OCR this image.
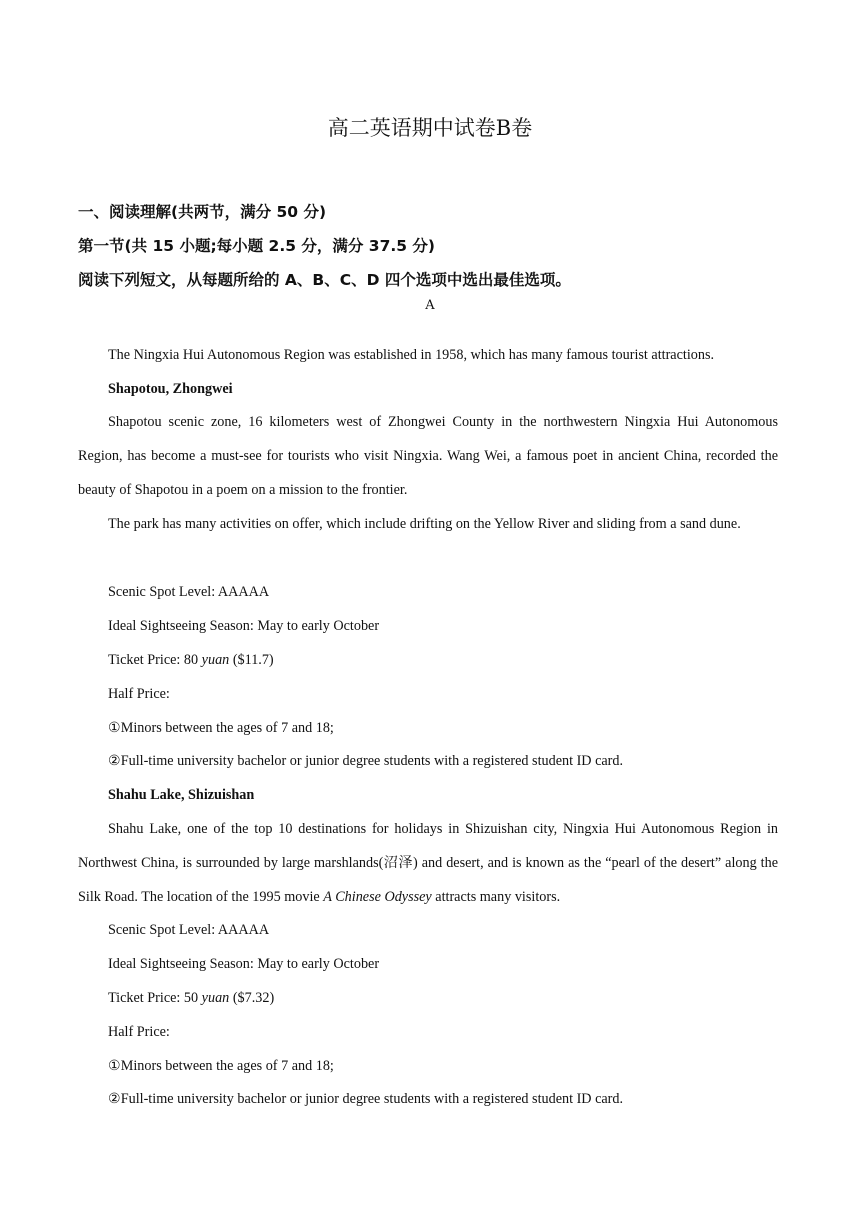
高二英语期中试卷B卷
一、阅读理解(共两节，满分 50 分)
第一节(共 15 小题;每小题 2.5 分，满分 37.5 分)
阅读下列短文，从每题所给的 A、B、C、D 四个选项中选出最佳选项。
A
The Ningxia Hui Autonomous Region was established in 1958, which has many famous tourist attractions.
Shapotou, Zhongwei
Shapotou scenic zone, 16 kilometers west of Zhongwei County in the northwestern Ningxia Hui Autonomous Region, has become a must-see for tourists who visit Ningxia. Wang Wei, a famous poet in ancient China, recorded the beauty of Shapotou in a poem on a mission to the frontier.
The park has many activities on offer, which include drifting on the Yellow River and sliding from a sand dune.
Scenic Spot Level: AAAAA
Ideal Sightseeing Season: May to early October
Ticket Price: 80 yuan ($11.7)
Half Price:
①Minors between the ages of 7 and 18;
②Full-time university bachelor or junior degree students with a registered student ID card.
Shahu Lake, Shizuishan
Shahu Lake, one of the top 10 destinations for holidays in Shizuishan city, Ningxia Hui Autonomous Region in Northwest China, is surrounded by large marshlands(沼泽) and desert, and is known as the “pearl of the desert” along the Silk Road. The location of the 1995 movie A Chinese Odyssey attracts many visitors.
Scenic Spot Level: AAAAA
Ideal Sightseeing Season: May to early October
Ticket Price: 50 yuan ($7.32)
Half Price:
①Minors between the ages of 7 and 18;
②Full-time university bachelor or junior degree students with a registered student ID card.
